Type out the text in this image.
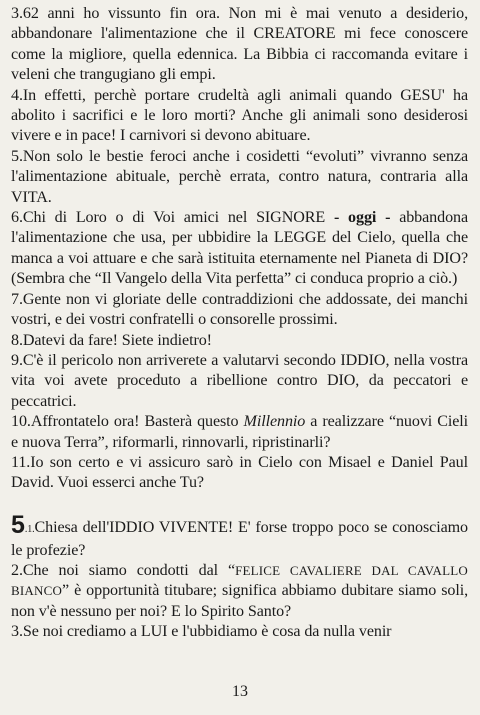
3.62 anni ho vissunto fin ora. Non mi è mai venuto a desiderio, abbandonare l'alimentazione che il CREATORE mi fece conoscere come la migliore, quella edennica. La Bibbia ci raccomanda evitare i veleni che trangugiano gli empi.

4.In effetti, perchè portare crudeltà agli animali quando GESU' ha abolito i sacrifici e le loro morti? Anche gli animali sono desiderosi vivere e in pace! I carnivori si devono abituare.

5.Non solo le bestie feroci anche i cosidetti “evoluti” vivranno senza l'alimentazione abituale, perchè errata, contro natura, contraria alla VITA.

6.Chi di Loro o di Voi amici nel SIGNORE - oggi - abbandona l'alimentazione che usa, per ubbidire la LEGGE del Cielo, quella che manca a voi attuare e che sarà istituita eternamente nel Pianeta di DIO? (Sembra che “Il Vangelo della Vita perfetta” ci conduca proprio a ciò.)

7.Gente non vi gloriate delle contraddizioni che addossate, dei manchi vostri, e dei vostri confratelli o consorelle prossimi.

8.Datevi da fare! Siete indietro!

9.C'è il pericolo non arriverete a valutarvi secondo IDDIO, nella vostra vita voi avete proceduto a ribellione contro DIO, da peccatori e peccatrici.

10.Affrontatelo ora! Basterà questo Millennio a realizzare “nuovi Cieli e nuova Terra”, riformarli, rinnovarli, ripristinarli?

11.Io son certo e vi assicuro sarò in Cielo con Misael e Daniel Paul David. Vuoi esserci anche Tu?

5.1.Chiesa dell'IDDIO VIVENTE! E' forse troppo poco se conosciamo le profezie?

2.Che noi siamo condotti dal “FELICE CAVALIERE DAL CAVALLO BIANCO” è opportunità titubare; significa abbiamo dubitare siamo soli, non v'è nessuno per noi? E lo Spirito Santo?

3.Se noi crediamo a LUI e l'ubbidiamo è cosa da nulla venir

13
